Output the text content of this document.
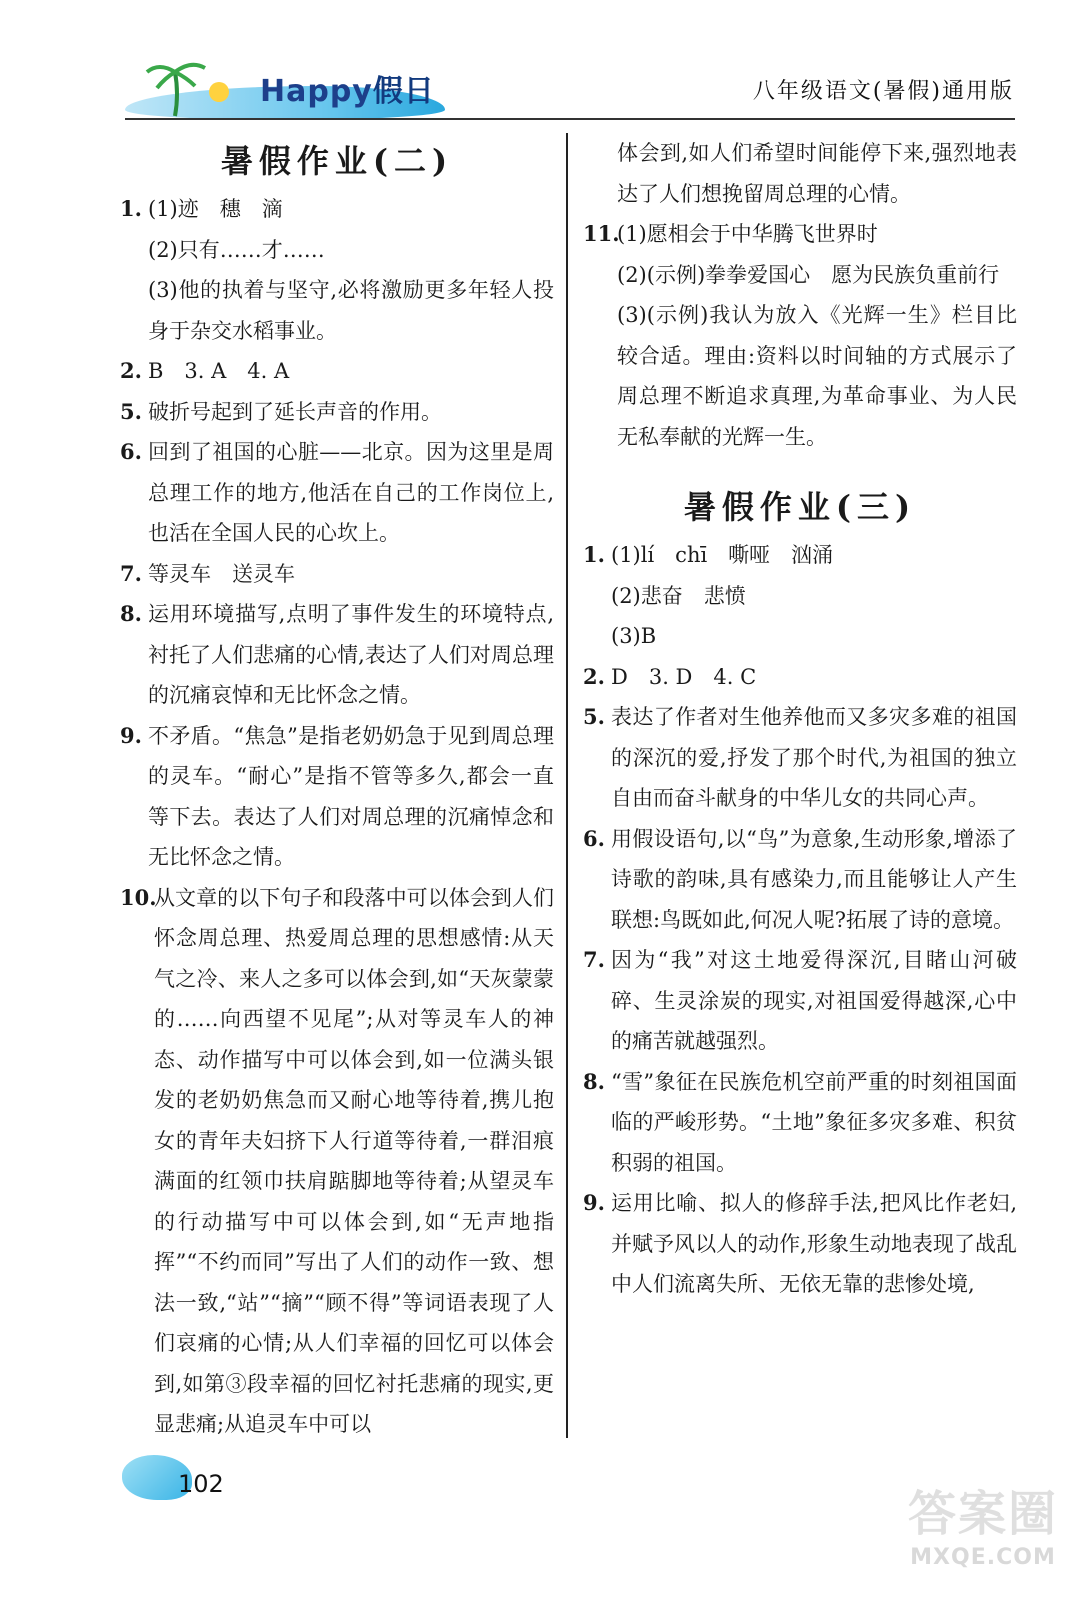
Happy假日	八年级语文(暑假)通用版
暑假作业(二)

1. (1)迹　穗　滴
(2)只有……才……
(3)他的执着与坚守,必将激励更多年轻人投身于杂交水稻事业。

2. B　3. A　4. A

5. 破折号起到了延长声音的作用。

6. 回到了祖国的心脏——北京。因为这里是周总理工作的地方,他活在自己的工作岗位上,也活在全国人民的心坎上。

7. 等灵车　送灵车

8. 运用环境描写,点明了事件发生的环境特点,衬托了人们悲痛的心情,表达了人们对周总理的沉痛哀悼和无比怀念之情。

9. 不矛盾。“焦急”是指老奶奶急于见到周总理的灵车。“耐心”是指不管等多久,都会一直等下去。表达了人们对周总理的沉痛悼念和无比怀念之情。

10.
从文章的以下句子和段落中可以体会到人们怀念周总理、热爱周总理的思想感情:从天气之冷、来人之多可以体会到,如“天灰蒙蒙的……向西望不见尾”;从对等灵车人的神态、动作描写中可以体会到,如一位满头银发的老奶奶焦急而又耐心地等待着,携儿抱女的青年夫妇挤下人行道等待着,一群泪痕满面的红领巾扶肩踮脚地等待着;从望灵车的行动描写中可以体会到,如“无声地指挥”“不约而同”写出了人们的动作一致、想法一致,“站”“摘”“顾不得”等词语表现了人们哀痛的心情;从人们幸福的回忆可以体会到,如第③段幸福的回忆衬托悲痛的现实,更显悲痛;从追灵车中可以

体会到,如人们希望时间能停下来,强烈地表达了人们想挽留周总理的心情。

11.
(1)愿相会于中华腾飞世界时
(2)(示例)拳拳爱国心　愿为民族负重前行
(3)(示例)我认为放入《光辉一生》栏目比较合适。理由:资料以时间轴的方式展示了周总理不断追求真理,为革命事业、为人民无私奉献的光辉一生。

暑假作业(三)

1. (1)lí　chī　嘶哑　汹涌
(2)悲奋　悲愤
(3)B

2. D　3. D　4. C

5. 表达了作者对生他养他而又多灾多难的祖国的深沉的爱,抒发了那个时代,为祖国的独立自由而奋斗献身的中华儿女的共同心声。

6. 用假设语句,以“鸟”为意象,生动形象,增添了诗歌的韵味,具有感染力,而且能够让人产生联想:鸟既如此,何况人呢?拓展了诗的意境。

7. 因为“我”对这土地爱得深沉,目睹山河破碎、生灵涂炭的现实,对祖国爱得越深,心中的痛苦就越强烈。

8. “雪”象征在民族危机空前严重的时刻祖国面临的严峻形势。“土地”象征多灾多难、积贫积弱的祖国。

9. 运用比喻、拟人的修辞手法,把风比作老妇,并赋予风以人的动作,形象生动地表现了战乱中人们流离失所、无依无靠的悲惨处境,

102
答案圈
MXQE.COM
